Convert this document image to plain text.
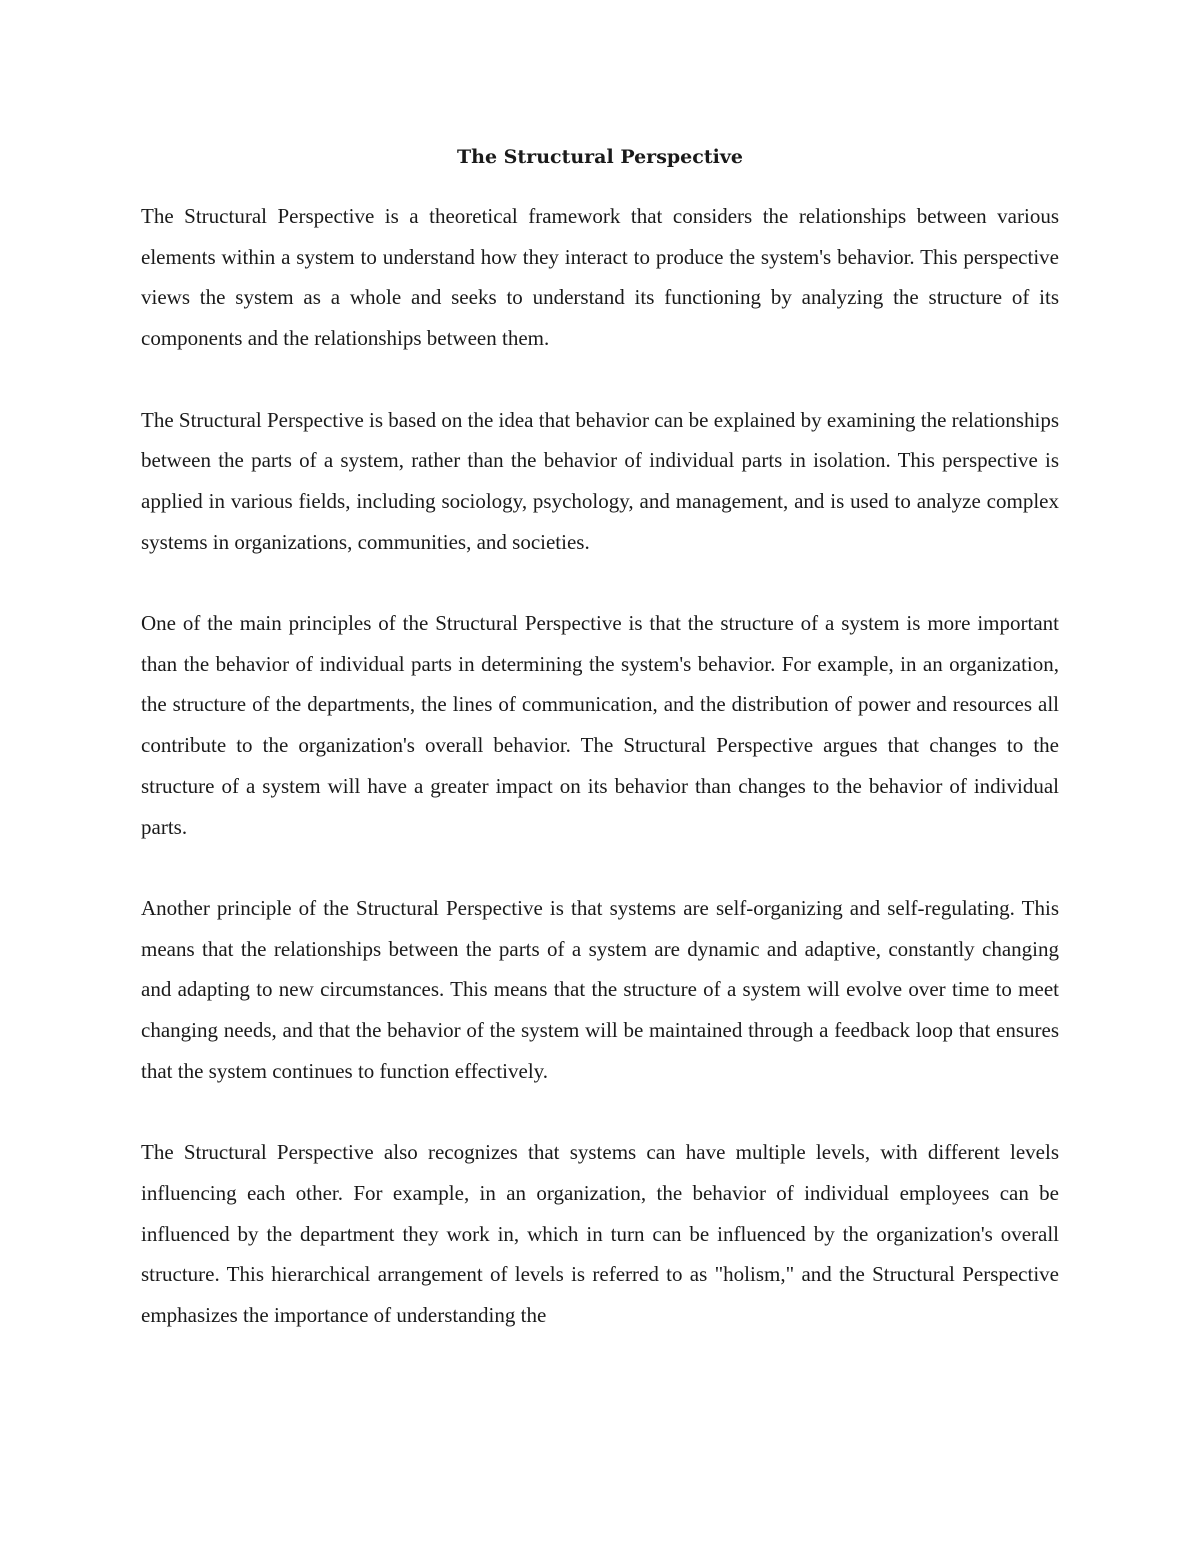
The Structural Perspective

The Structural Perspective is a theoretical framework that considers the relationships between various elements within a system to understand how they interact to produce the system's behavior. This perspective views the system as a whole and seeks to understand its functioning by analyzing the structure of its components and the relationships between them.

The Structural Perspective is based on the idea that behavior can be explained by examining the relationships between the parts of a system, rather than the behavior of individual parts in isolation. This perspective is applied in various fields, including sociology, psychology, and management, and is used to analyze complex systems in organizations, communities, and societies.

One of the main principles of the Structural Perspective is that the structure of a system is more important than the behavior of individual parts in determining the system's behavior. For example, in an organization, the structure of the departments, the lines of communication, and the distribution of power and resources all contribute to the organization's overall behavior. The Structural Perspective argues that changes to the structure of a system will have a greater impact on its behavior than changes to the behavior of individual parts.

Another principle of the Structural Perspective is that systems are self-organizing and self-regulating. This means that the relationships between the parts of a system are dynamic and adaptive, constantly changing and adapting to new circumstances. This means that the structure of a system will evolve over time to meet changing needs, and that the behavior of the system will be maintained through a feedback loop that ensures that the system continues to function effectively.

The Structural Perspective also recognizes that systems can have multiple levels, with different levels influencing each other. For example, in an organization, the behavior of individual employees can be influenced by the department they work in, which in turn can be influenced by the organization's overall structure. This hierarchical arrangement of levels is referred to as "holism," and the Structural Perspective emphasizes the importance of understanding the
